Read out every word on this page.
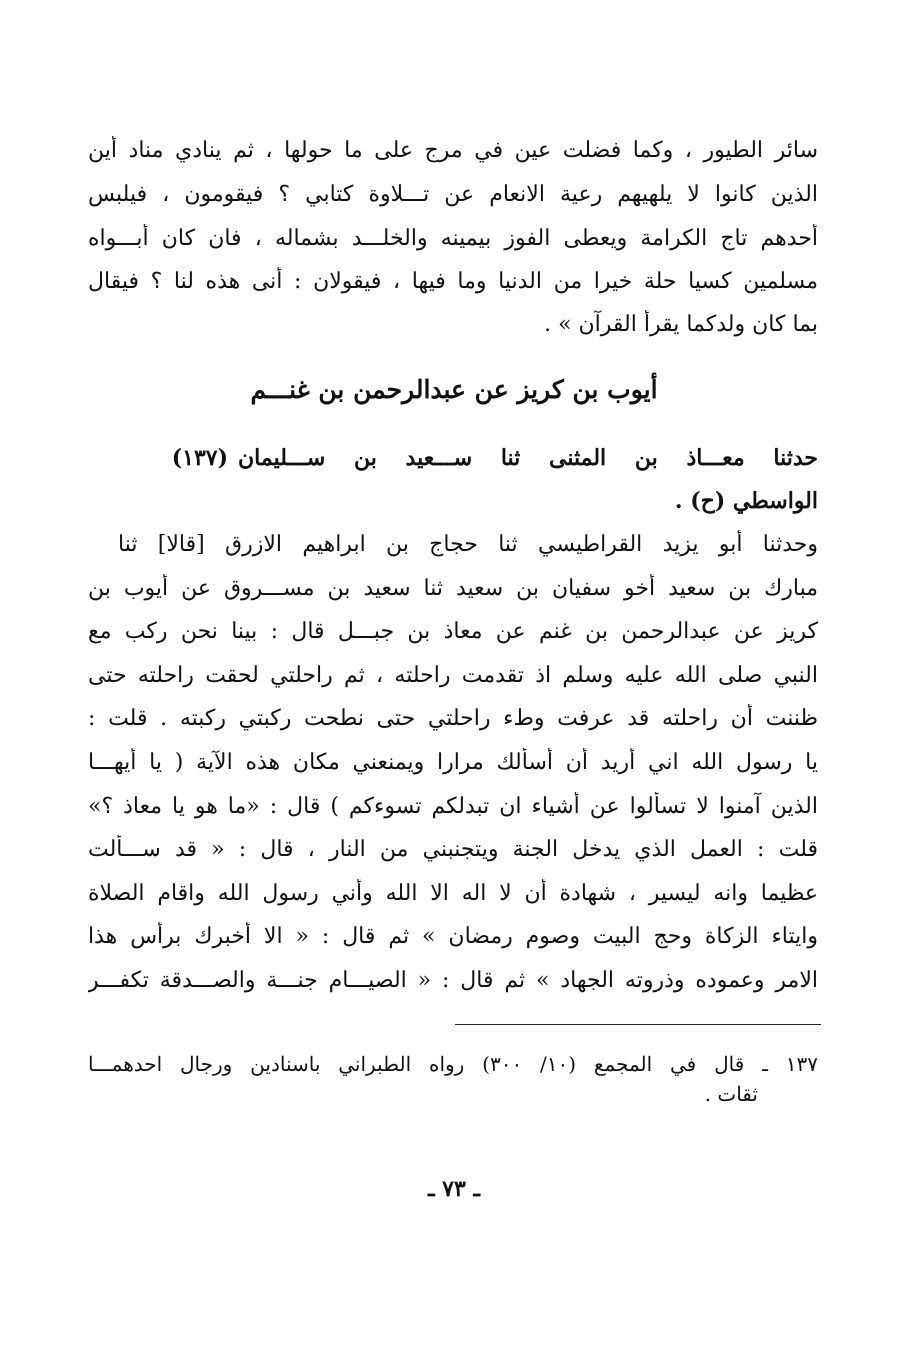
سائر الطيور ، وكما فضلت عين في مرج على ما حولها ، ثم ينادي مناد أين
الذين كانوا لا يلهيهم رعية الانعام عن تـــلاوة كتابي ؟ فيقومون ، فيلبس
أحدهم تاج الكرامة ويعطى الفوز بيمينه والخلـــد بشماله ، فان كان أبـــواه
مسلمين كسيا حلة خيرا من الدنيا وما فيها ، فيقولان : أنى هذه لنا ؟ فيقال
بما كان ولدكما يقرأ القرآن » .
أيوب بن كريز عن عبدالرحمن بن غنـــم
حدثنا معـــاذ بن المثنى ثنا ســـعيد بن ســـليمان
(١٣٧)
الواسطي (ح) .
وحدثنا أبو يزيد القراطيسي ثنا حجاج بن ابراهيم الازرق [قالا] ثنا
مبارك بن سعيد أخو سفيان بن سعيد ثنا سعيد بن مســـروق عن أيوب بن
كريز عن عبدالرحمن بن غنم عن معاذ بن جبـــل قال : بينا نحن ركب مع
النبي صلى الله عليه وسلم اذ تقدمت راحلته ، ثم راحلتي لحقت راحلته حتى
ظننت أن راحلته قد عرفت وطء راحلتي حتى نطحت ركبتي ركبته . قلت :
يا رسول الله اني أريد أن أسألك مرارا ويمنعني مكان هذه الآية ( يا أيهـــا
الذين آمنوا لا تسألوا عن أشياء ان تبدلكم تسوءكم ) قال : «ما هو يا معاذ ؟»
قلت : العمل الذي يدخل الجنة ويتجنبني من النار ، قال : « قد ســـألت
عظيما وانه ليسير ، شهادة أن لا اله الا الله وأني رسول الله واقام الصلاة
وايتاء الزكاة وحج البيت وصوم رمضان » ثم قال : « الا أخبرك برأس هذا
الامر وعموده وذروته الجهاد » ثم قال : « الصيـــام جنـــة والصـــدقة تكفـــر
١٣٧ ـ قال في المجمع (١٠/ ٣٠٠) رواه الطبراني باسنادين ورجال احدهمـــا
ثقات .
ـ ٧٣ ـ
